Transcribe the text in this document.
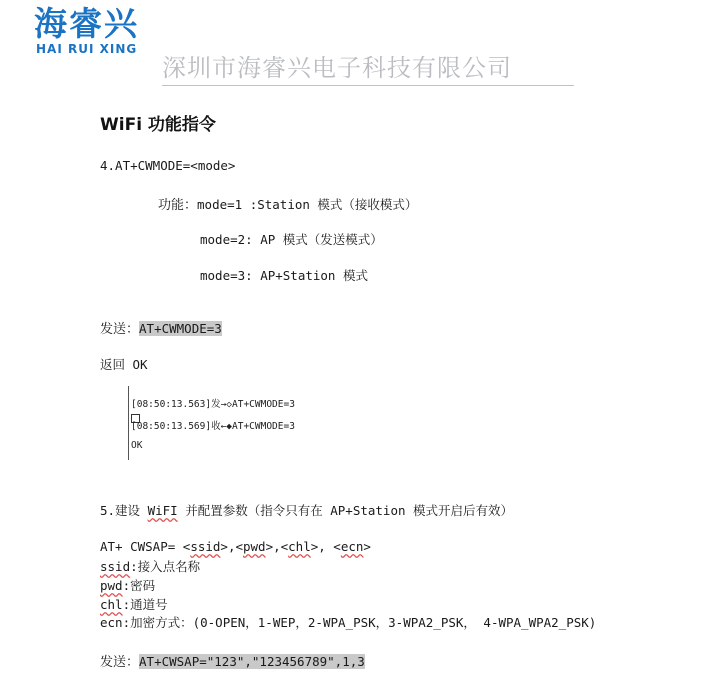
海睿兴
HAI RUI XING
深圳市海睿兴电子科技有限公司
WiFi 功能指令
4.AT+CWMODE=<mode>
功能：mode=1 :Station 模式（接收模式）
mode=2: AP 模式（发送模式）
mode=3: AP+Station 模式
发送：AT+CWMODE=3
返回 OK
[08:50:13.563]发→◇AT+CWMODE=3
[08:50:13.569]收←◆AT+CWMODE=3
OK
5.建设 WiFI 并配置参数（指令只有在 AP+Station 模式开启后有效）
AT+ CWSAP= <ssid>,<pwd>,<chl>, <ecn>
ssid:接入点名称
pwd:密码
chl:通道号
ecn:加密方式：(0-OPEN，1-WEP，2-WPA_PSK，3-WPA2_PSK， 4-WPA_WPA2_PSK)
发送：AT+CWSAP="123","123456789",1,3
